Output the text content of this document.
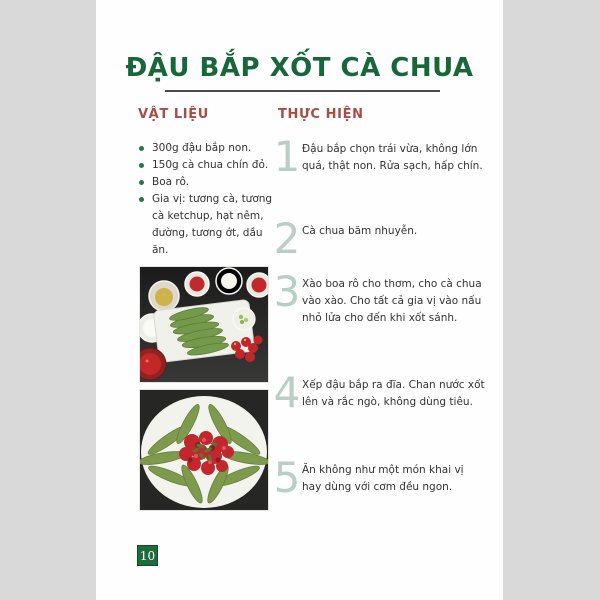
ĐẬU BẮP XỐT CÀ CHUA
VẬT LIỆU	THỰC HIỆN
300g đậu bắp non.
150g cà chua chín đỏ.
Boa rô.
Gia vị: tương cà, tương cà ketchup, hạt nêm, đường, tương ớt, dầu ăn.
1 Đậu bắp chọn trái vừa, không lớn quá, thật non. Rửa sạch, hấp chín.
2 Cà chua băm nhuyễn.
3 Xào boa rô cho thơm, cho cà chua vào xào. Cho tất cả gia vị vào nấu nhỏ lửa cho đến khi xốt sánh.
4 Xếp đậu bắp ra đĩa. Chan nước xốt lên và rắc ngò, không dùng tiêu.
5 Ăn không như một món khai vị hay dùng với cơm đều ngon.
10
